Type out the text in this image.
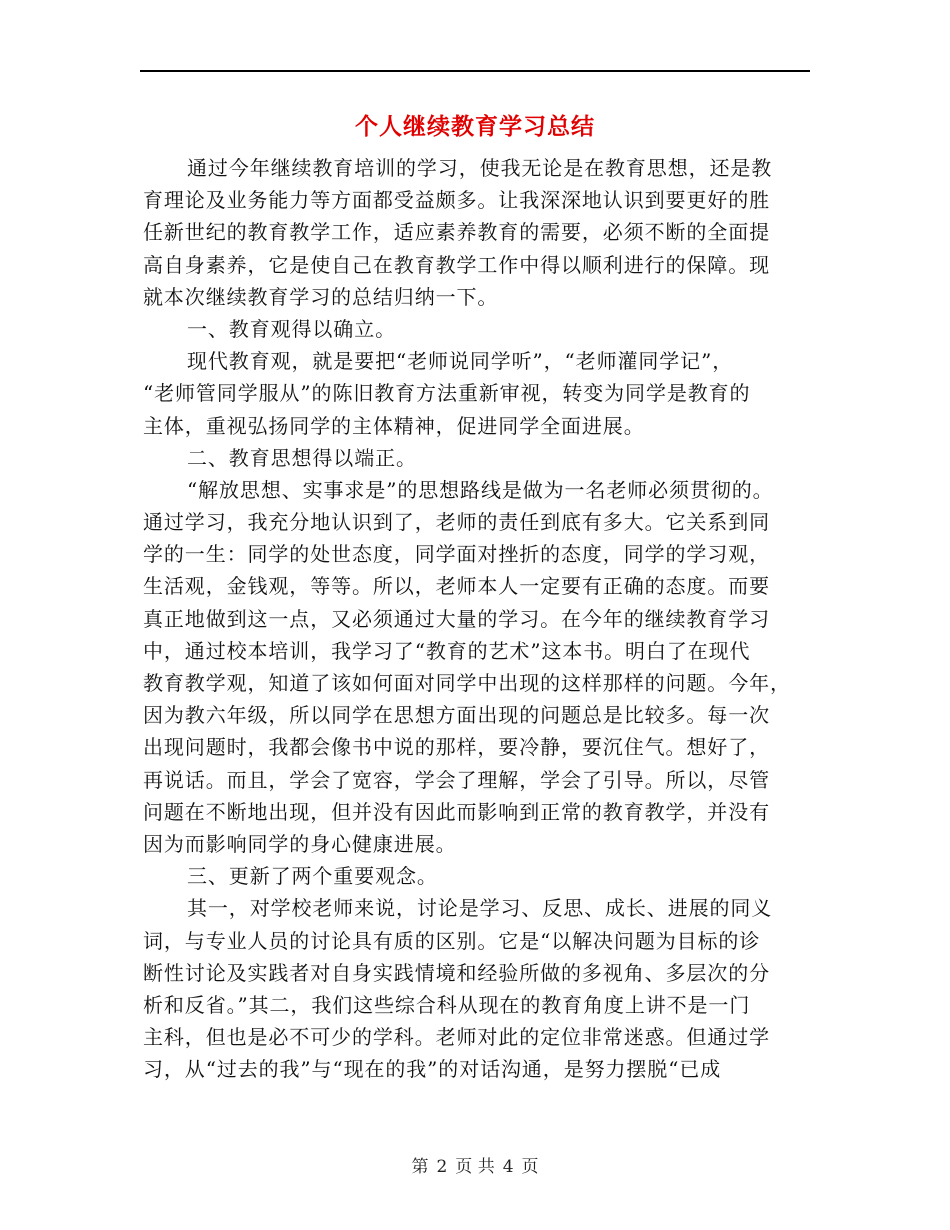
个人继续教育学习总结
通过今年继续教育培训的学习，使我无论是在教育思想，还是教
育理论及业务能力等方面都受益颇多。让我深深地认识到要更好的胜
任新世纪的教育教学工作，适应素养教育的需要，必须不断的全面提
高自身素养，它是使自己在教育教学工作中得以顺利进行的保障。现
就本次继续教育学习的总结归纳一下。
一、教育观得以确立。
现代教育观，就是要把“老师说同学听”，“老师灌同学记”，
“老师管同学服从”的陈旧教育方法重新审视，转变为同学是教育的
主体，重视弘扬同学的主体精神，促进同学全面进展。
二、教育思想得以端正。
“解放思想、实事求是”的思想路线是做为一名老师必须贯彻的。
通过学习，我充分地认识到了，老师的责任到底有多大。它关系到同
学的一生：同学的处世态度，同学面对挫折的态度，同学的学习观，
生活观，金钱观，等等。所以，老师本人一定要有正确的态度。而要
真正地做到这一点，又必须通过大量的学习。在今年的继续教育学习
中，通过校本培训，我学习了“教育的艺术”这本书。明白了在现代
教育教学观，知道了该如何面对同学中出现的这样那样的问题。今年，
因为教六年级，所以同学在思想方面出现的问题总是比较多。每一次
出现问题时，我都会像书中说的那样，要冷静，要沉住气。想好了，
再说话。而且，学会了宽容，学会了理解，学会了引导。所以，尽管
问题在不断地出现，但并没有因此而影响到正常的教育教学，并没有
因为而影响同学的身心健康进展。
三、更新了两个重要观念。
其一，对学校老师来说，讨论是学习、反思、成长、进展的同义
词，与专业人员的讨论具有质的区别。它是“以解决问题为目标的诊
断性讨论及实践者对自身实践情境和经验所做的多视角、多层次的分
析和反省。”其二，我们这些综合科从现在的教育角度上讲不是一门
主科，但也是必不可少的学科。老师对此的定位非常迷惑。但通过学
习，从“过去的我”与“现在的我”的对话沟通，是努力摆脱“已成
第 2 页 共 4 页
